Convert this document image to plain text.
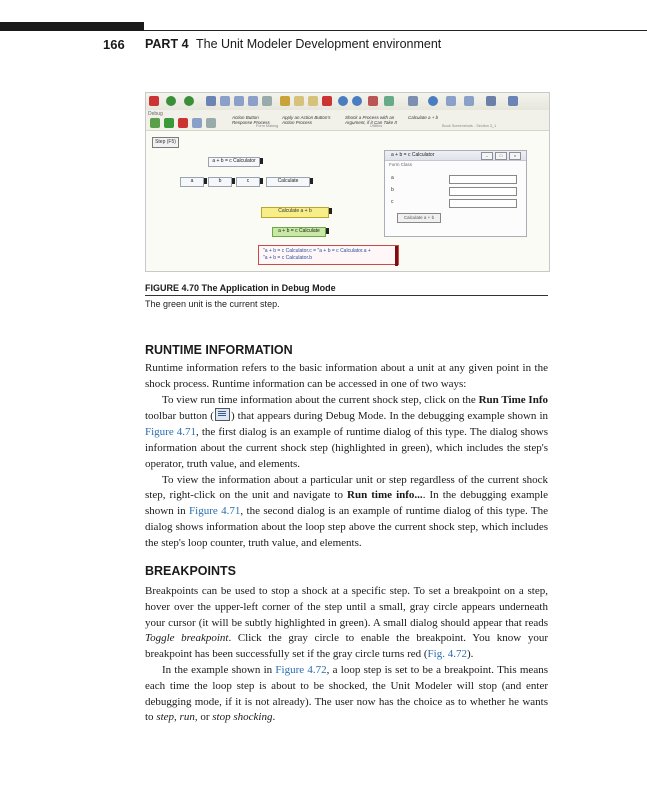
166 PART 4 The Unit Modeler Development environment
Debug
Action Button Response Process
Apply an Action Button's Action Process
Shock a Process with an Argument, if it Can Take It
Calculate a + b
Form Making	Utilities	Book Screenshots - Section 3_1
Step (F5)
a + b = c Calculator
a	b	c	Calculate
Calculate a + b
a + b = c Calculate
a + b = c Calculator	–	□	×
Form Class
a
b
c
Calculate a + b
"a + b = c Calculator.c = "a + b = c Calculator.a +
"a + b = c Calculator.b
FIGURE 4.70 The Application in Debug Mode
The green unit is the current step.
RUNTIME INFORMATION

Runtime information refers to the basic information about a unit at any given point in the shock process. Runtime information can be accessed in one of two ways:

To view run time information about the current shock step, click on the Run Time Info toolbar button ( ) that appears during Debug Mode. In the debugging example shown in Figure 4.71, the first dialog is an example of runtime dialog of this type. The dialog shows information about the current shock step (highlighted in green), which includes the step's operator, truth value, and elements.

To view the information about a particular unit or step regardless of the current shock step, right-click on the unit and navigate to Run time info.... In the debugging example shown in Figure 4.71, the second dialog is an example of runtime dialog of this type. The dialog shows information about the loop step above the current shock step, which includes the step's loop counter, truth value, and elements.

BREAKPOINTS

Breakpoints can be used to stop a shock at a specific step. To set a breakpoint on a step, hover over the upper-left corner of the step until a small, gray circle appears underneath your cursor (it will be subtly highlighted in green). A small dialog should appear that reads Toggle breakpoint. Click the gray circle to enable the breakpoint. You know your breakpoint has been successfully set if the gray circle turns red (Fig. 4.72).

In the example shown in Figure 4.72, a loop step is set to be a breakpoint. This means each time the loop step is about to be shocked, the Unit Modeler will stop (and enter debugging mode, if it is not already). The user now has the choice as to whether he wants to step, run, or stop shocking.
